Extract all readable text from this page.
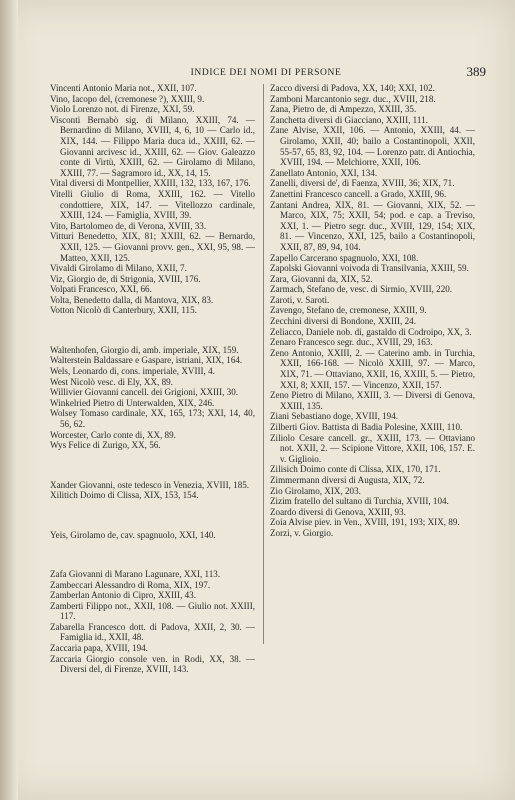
INDICE DEI NOMI DI PERSONE	389

Vincenti Antonio Maria not., XXII, 107.

Vino, Iacopo del, (cremonese ?), XXIII, 9.

Violo Lorenzo not. di Firenze, XXI, 59.

Visconti Bernabò sig. di Milano, XXIII, 74. — Bernardino di Milano, XVIII, 4, 6, 10 — Carlo id., XIX, 144. — Filippo Maria duca id., XXIII, 62. — Giovanni arcivesc id., XXIII, 62. — Giov. Galeazzo conte di Virtù, XXIII, 62. — Girolamo di Milano, XXIII, 77. — Sagramoro id., XX, 14, 15.

Vital diversi di Montpellier, XXIII, 132, 133, 167, 176.

Vitelli Giulio di Roma, XXIII, 162. — Vitello condottiere, XIX, 147. — Vitellozzo cardinale, XXIII, 124. — Famiglia, XVIII, 39.

Vito, Bartolomeo de, di Verona, XVIII, 33.

Vitturi Benedetto, XIX, 81; XXIII, 62. — Bernardo, XXII, 125. — Giovanni provv. gen., XXI, 95, 98. — Matteo, XXII, 125.

Vivaldi Girolamo di Milano, XXII, 7.

Viz, Giorgio de, di Strigonia, XVIII, 176.

Volpati Francesco, XXI, 66.

Volta, Benedetto dalla, di Mantova, XIX, 83.

Votton Nicolò di Canterbury, XXII, 115.

Waltenhofen, Giorgio di, amb. imperiale, XIX, 159.

Walterstein Baldassare e Gaspare, istriani, XIX, 164.

Wels, Leonardo di, cons. imperiale, XVIII, 4.

West Nicolò vesc. di Ely, XX, 89.

Willivier Giovanni cancell. dei Grigioni, XXIII, 30.

Winkelried Pietro di Unterwalden, XIX, 246.

Wolsey Tomaso cardinale, XX, 165, 173; XXI, 14, 40, 56, 62.

Worcester, Carlo conte di, XX, 89.

Wys Felice di Zurigo, XX, 56.

Xander Giovanni, oste tedesco in Venezia, XVIII, 185.

Xilitich Doimo di Clissa, XIX, 153, 154.

Yeis, Girolamo de, cav. spagnuolo, XXI, 140.

Zafa Giovanni di Marano Lagunare, XXI, 113.

Zambeccari Alessandro di Roma, XIX, 197.

Zamberlan Antonio di Cipro, XXIII, 43.

Zamberti Filippo not., XXII, 108. — Giulio not. XXIII, 117.

Zabarella Francesco dott. di Padova, XXII, 2, 30. — Famiglia id., XXII, 48.

Zaccaria papa, XVIII, 194.

Zaccaria Giorgio console ven. in Rodi, XX, 38. — Diversi del, di Firenze, XVIII, 143.

Zacco diversi di Padova, XX, 140; XXI, 102.

Zamboni Marcantonio segr. duc., XVIII, 218.

Zana, Pietro de, di Ampezzo, XXIII, 35.

Zanchetta diversi di Giacciano, XXIII, 111.

Zane Alvise, XXII, 106. — Antonio, XXIII, 44. — Girolamo, XXII, 40; bailo a Costantinopoli, XXII, 55-57, 65, 83, 92, 104. — Lorenzo patr. di Antiochia, XVIII, 194. — Melchiorre, XXII, 106.

Zanellato Antonio, XXI, 134.

Zanelli, diversi de', di Faenza, XVIII, 36; XIX, 71.

Zanettini Francesco cancell. a Grado, XXIII, 96.

Zantani Andrea, XIX, 81. — Giovanni, XIX, 52. — Marco, XIX, 75; XXII, 54; pod. e cap. a Treviso, XXI, 1. — Pietro segr. duc., XVIII, 129, 154; XIX, 81. — Vincenzo, XXI, 125, bailo a Costantinopoli, XXII, 87, 89, 94, 104.

Zapello Carcerano spagnuolo, XXI, 108.

Zapolski Giovanni voivoda di Transilvania, XXIII, 59.

Zara, Giovanni da, XIX, 52.

Zarmach, Stefano de, vesc. di Sirmio, XVIII, 220.

Zaroti, v. Saroti.

Zavengo, Stefano de, cremonese, XXIII, 9.

Zecchini diversi di Bondone, XXIII, 24.

Zeliacco, Daniele nob. di, gastaldo di Codroipo, XX, 3.

Zenaro Francesco segr. duc., XVIII, 29, 163.

Zeno Antonio, XXIII, 2. — Caterino amb. in Turchia, XXII, 166-168. — Nicolò XXIII, 97. — Marco, XIX, 71. — Ottaviano, XXII, 16, XXIII, 5. — Pietro, XXI, 8; XXII, 157. — Vincenzo, XXII, 157.

Zeno Pietro di Milano, XXIII, 3. — Diversi di Genova, XXIII, 135.

Ziani Sebastiano doge, XVIII, 194.

Zilberti Giov. Battista di Badia Polesine, XXIII, 110.

Ziliolo Cesare cancell. gr., XXIII, 173. — Ottaviano not. XXII, 2. — Scipione Vittore, XXII, 106, 157. E. v. Giglioio.

Zilisich Doimo conte di Clissa, XIX, 170, 171.

Zimmermann diversi di Augusta, XIX, 72.

Zio Girolamo, XIX, 203.

Zizim fratello del sultano di Turchia, XVIII, 104.

Zoardo diversi di Genova, XXIII, 93.

Zoia Alvise piev. in Ven., XVIII, 191, 193; XIX, 89.

Zorzi, v. Giorgio.
